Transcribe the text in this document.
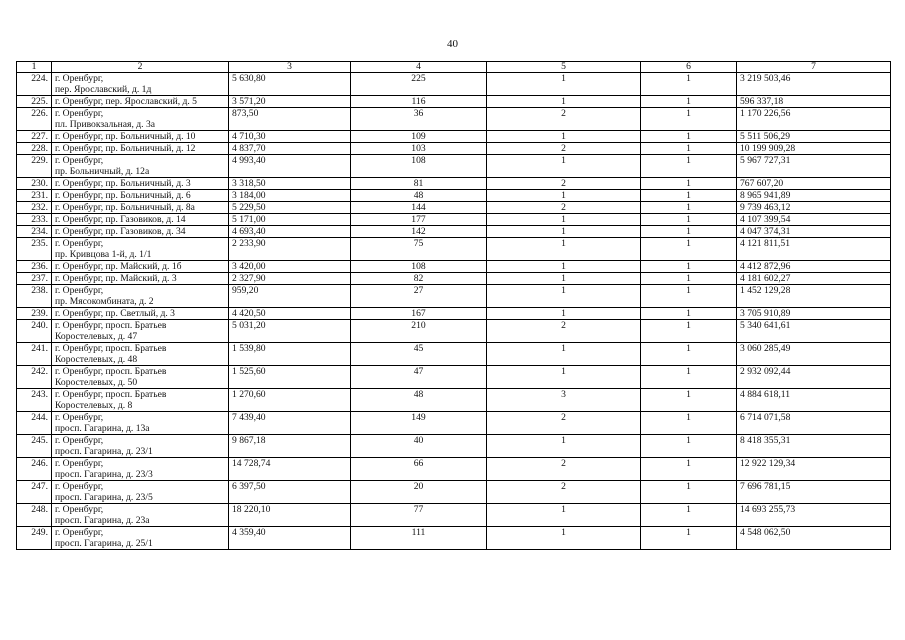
40
1	2	3	4	5	6	7
224.	г. Оренбург,
пер. Ярославский, д. 1д	5 630,80	225	1	1	3 219 503,46
225.	г. Оренбург, пер. Ярославский, д. 5	3 571,20	116	1	1	596 337,18
226.	г. Оренбург,
пл. Привокзальная, д. 3а	873,50	36	2	1	1 170 226,56
227.	г. Оренбург, пр. Больничный, д. 10	4 710,30	109	1	1	5 511 506,29
228.	г. Оренбург, пр. Больничный, д. 12	4 837,70	103	2	1	10 199 909,28
229.	г. Оренбург,
пр. Больничный, д. 12а	4 993,40	108	1	1	5 967 727,31
230.	г. Оренбург, пр. Больничный, д. 3	3 318,50	81	2	1	767 607,20
231.	г. Оренбург, пр. Больничный, д. 6	3 184,00	48	1	1	8 965 941,89
232.	г. Оренбург, пр. Больничный, д. 8а	5 229,50	144	2	1	9 739 463,12
233.	г. Оренбург, пр. Газовиков, д. 14	5 171,00	177	1	1	4 107 399,54
234.	г. Оренбург, пр. Газовиков, д. 34	4 693,40	142	1	1	4 047 374,31
235.	г. Оренбург,
пр. Кривцова 1-й, д. 1/1	2 233,90	75	1	1	4 121 811,51
236.	г. Оренбург, пр. Майский, д. 1б	3 420,00	108	1	1	4 412 872,96
237.	г. Оренбург, пр. Майский, д. 3	2 327,90	82	1	1	4 181 602,27
238.	г. Оренбург,
пр. Мясокомбината, д. 2	959,20	27	1	1	1 452 129,28
239.	г. Оренбург, пр. Светлый, д. 3	4 420,50	167	1	1	3 705 910,89
240.	г. Оренбург, просп. Братьев
Коростелевых, д. 47	5 031,20	210	2	1	5 340 641,61
241.	г. Оренбург, просп. Братьев
Коростелевых, д. 48	1 539,80	45	1	1	3 060 285,49
242.	г. Оренбург, просп. Братьев
Коростелевых, д. 50	1 525,60	47	1	1	2 932 092,44
243.	г. Оренбург, просп. Братьев
Коростелевых, д. 8	1 270,60	48	3	1	4 884 618,11
244.	г. Оренбург,
просп. Гагарина, д. 13а	7 439,40	149	2	1	6 714 071,58
245.	г. Оренбург,
просп. Гагарина, д. 23/1	9 867,18	40	1	1	8 418 355,31
246.	г. Оренбург,
просп. Гагарина, д. 23/3	14 728,74	66	2	1	12 922 129,34
247.	г. Оренбург,
просп. Гагарина, д. 23/5	6 397,50	20	2	1	7 696 781,15
248.	г. Оренбург,
просп. Гагарина, д. 23а	18 220,10	77	1	1	14 693 255,73
249.	г. Оренбург,
просп. Гагарина, д. 25/1	4 359,40	111	1	1	4 548 062,50
